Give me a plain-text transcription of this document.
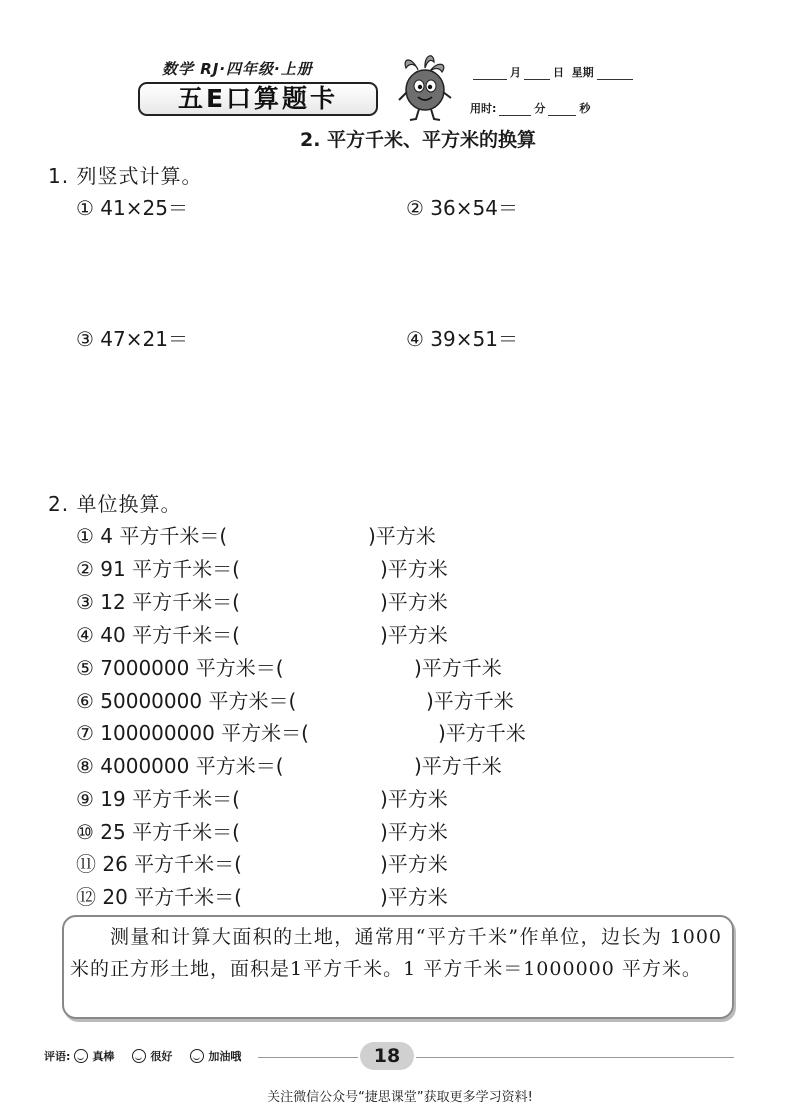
数学 RJ·四年级·上册
五E口算题卡
月	日 星期
用时:	分	秒
2. 平方千米、平方米的换算
1. 列竖式计算。
① 41×25＝	② 36×54＝
③ 47×21＝	④ 39×51＝
2. 单位换算。
① 4 平方千米＝(	)平方米
② 91 平方千米＝(	)平方米
③ 12 平方千米＝(	)平方米
④ 40 平方千米＝(	)平方米
⑤ 7000000 平方米＝(	)平方千米
⑥ 50000000 平方米＝(	)平方千米
⑦ 100000000 平方米＝(	)平方千米
⑧ 4000000 平方米＝(	)平方千米
⑨ 19 平方千米＝(	)平方米
⑩ 25 平方千米＝(	)平方米
⑪ 26 平方千米＝(	)平方米
⑫ 20 平方千米＝(	)平方米
测量和计算大面积的土地，通常用“平方千米”作单位，边长为 1000 米的正方形土地，面积是1平方千米。1 平方千米＝1000000 平方米。
评语: 真棒	很好	加油哦	18
关注微信公众号“捷思课堂”获取更多学习资料!
